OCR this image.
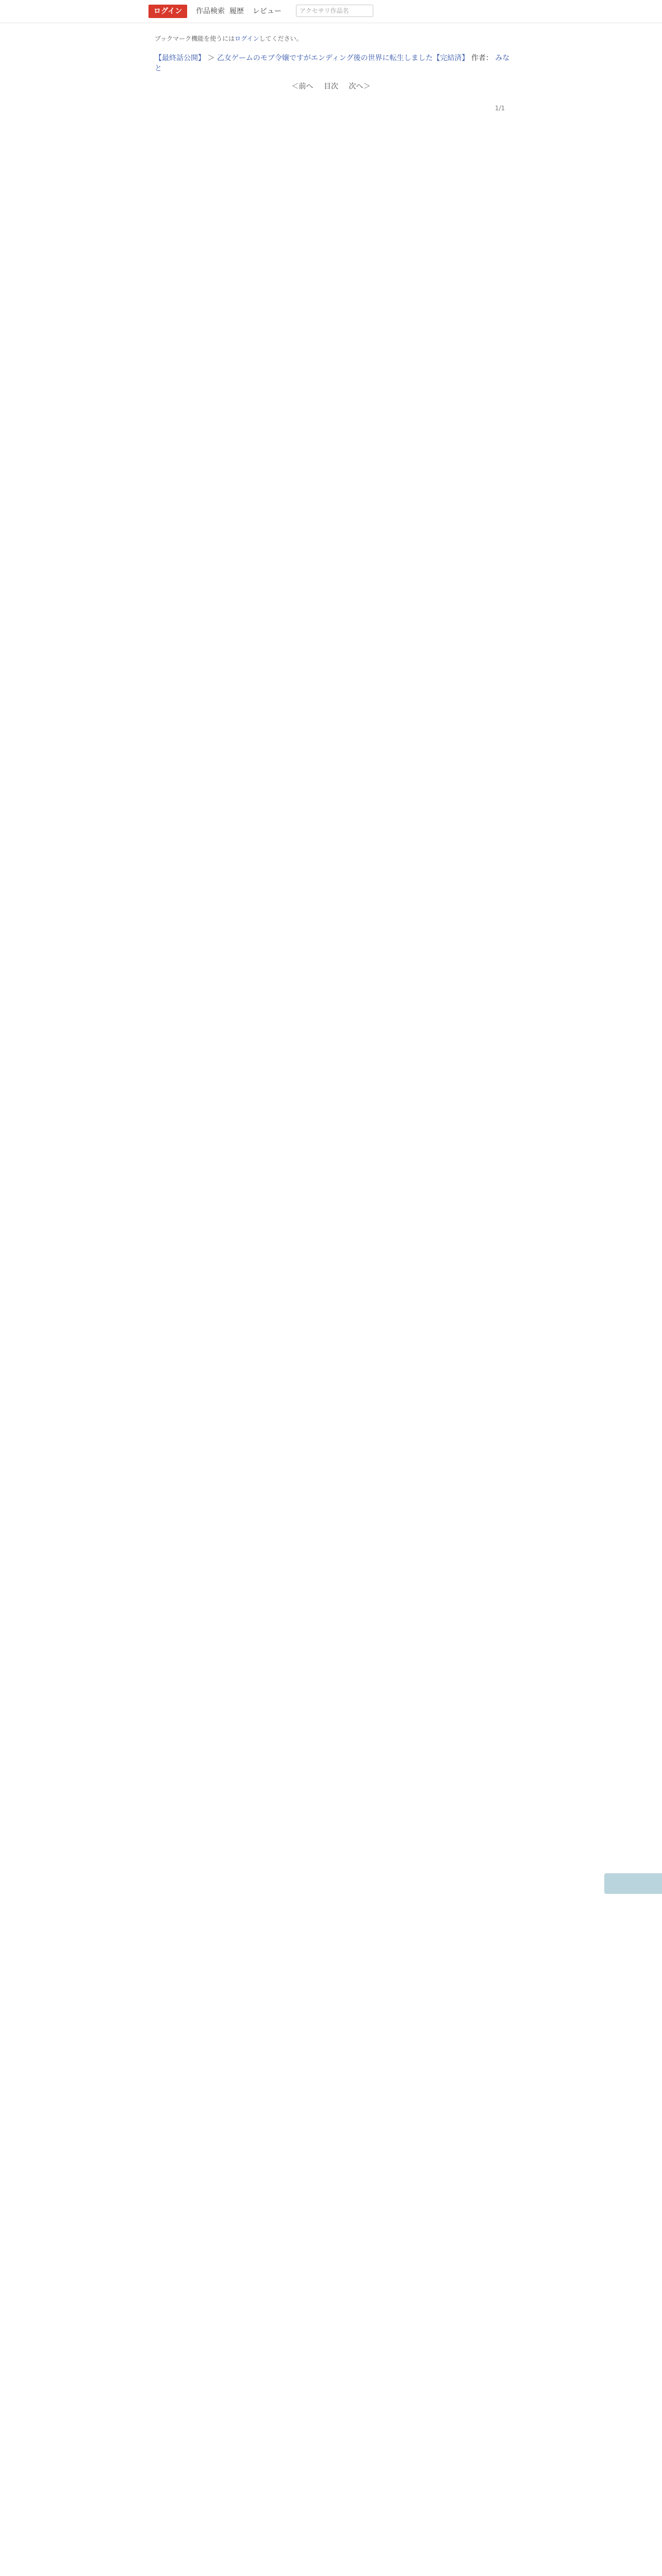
ログイン	作品検索 履歴 レビュー	アクセサリ作品名
ブックマーク機能を使うにはログインしてください。
【最終話公開】 ＞ 乙女ゲームのモブ令嬢ですがエンディング後の世界に転生しました【完結済】 作者： みなと
＜前へ 目次 次へ＞
1/1
